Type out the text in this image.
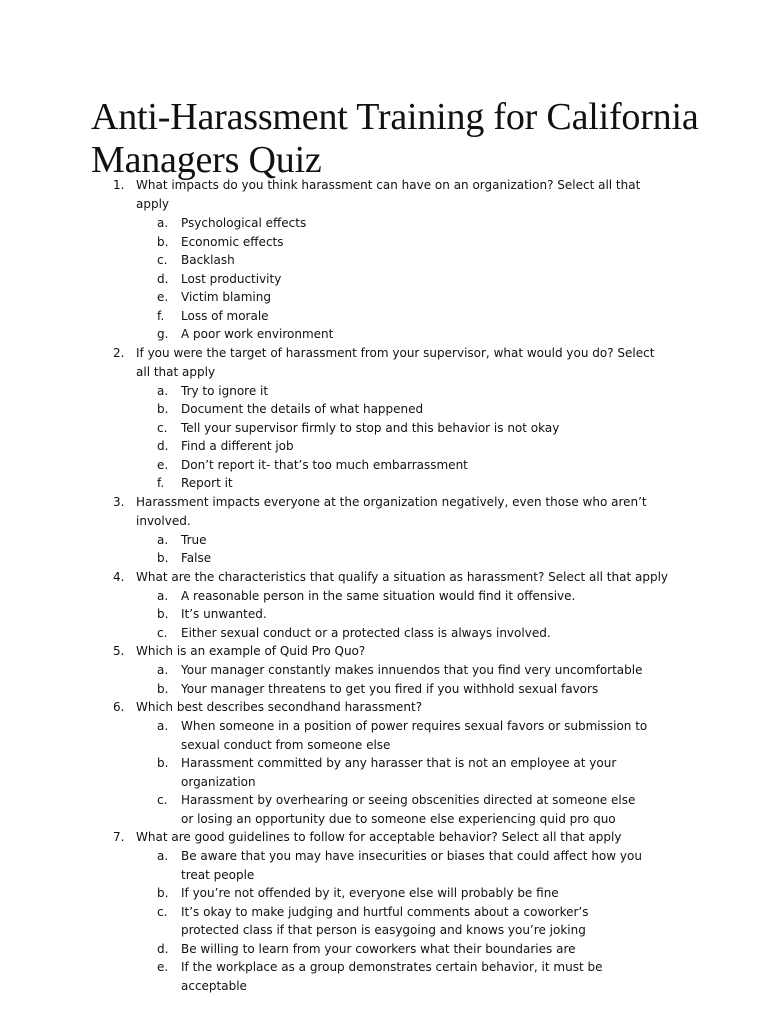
Anti-Harassment Training for California Managers Quiz
1. What impacts do you think harassment can have on an organization? Select all that apply
a. Psychological effects
b. Economic effects
c. Backlash
d. Lost productivity
e. Victim blaming
f. Loss of morale
g. A poor work environment
2. If you were the target of harassment from your supervisor, what would you do? Select all that apply
a. Try to ignore it
b. Document the details of what happened
c. Tell your supervisor firmly to stop and this behavior is not okay
d. Find a different job
e. Don’t report it- that’s too much embarrassment
f. Report it
3. Harassment impacts everyone at the organization negatively, even those who aren’t involved.
a. True
b. False
4. What are the characteristics that qualify a situation as harassment? Select all that apply
a. A reasonable person in the same situation would find it offensive.
b. It’s unwanted.
c. Either sexual conduct or a protected class is always involved.
5. Which is an example of Quid Pro Quo?
a. Your manager constantly makes innuendos that you find very uncomfortable
b. Your manager threatens to get you fired if you withhold sexual favors
6. Which best describes secondhand harassment?
a. When someone in a position of power requires sexual favors or submission to sexual conduct from someone else
b. Harassment committed by any harasser that is not an employee at your organization
c. Harassment by overhearing or seeing obscenities directed at someone else or losing an opportunity due to someone else experiencing quid pro quo
7. What are good guidelines to follow for acceptable behavior? Select all that apply
a. Be aware that you may have insecurities or biases that could affect how you treat people
b. If you’re not offended by it, everyone else will probably be fine
c. It’s okay to make judging and hurtful comments about a coworker’s protected class if that person is easygoing and knows you’re joking
d. Be willing to learn from your coworkers what their boundaries are
e. If the workplace as a group demonstrates certain behavior, it must be acceptable
